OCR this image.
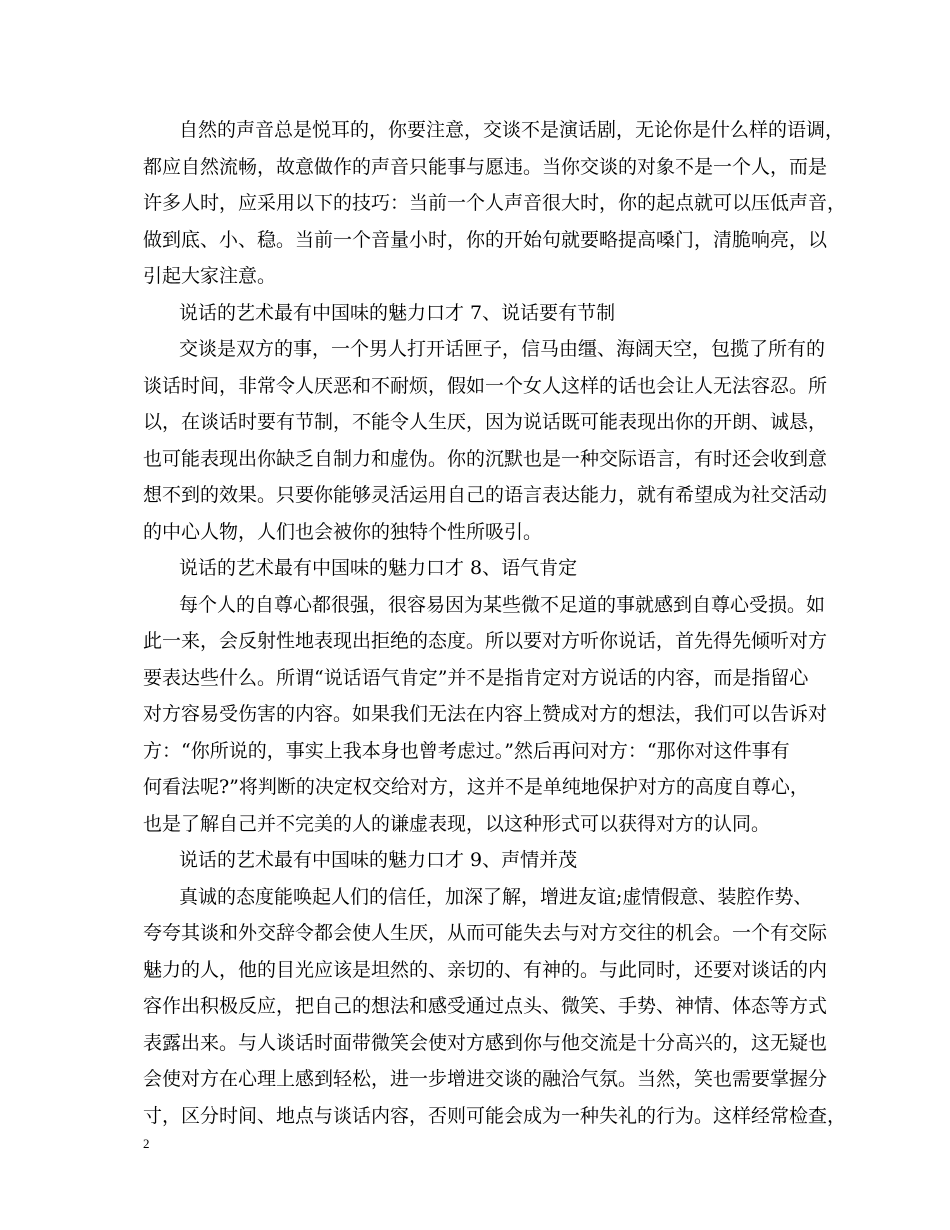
自然的声音总是悦耳的，你要注意，交谈不是演话剧，无论你是什么样的语调，
都应自然流畅，故意做作的声音只能事与愿违。当你交谈的对象不是一个人，而是
许多人时，应采用以下的技巧：当前一个人声音很大时，你的起点就可以压低声音，
做到底、小、稳。当前一个音量小时，你的开始句就要略提高嗓门，清脆响亮，以
引起大家注意。

说话的艺术最有中国味的魅力口才 7、说话要有节制

交谈是双方的事，一个男人打开话匣子，信马由缰、海阔天空，包揽了所有的
谈话时间，非常令人厌恶和不耐烦，假如一个女人这样的话也会让人无法容忍。所
以，在谈话时要有节制，不能令人生厌，因为说话既可能表现出你的开朗、诚恳，
也可能表现出你缺乏自制力和虚伪。你的沉默也是一种交际语言，有时还会收到意
想不到的效果。只要你能够灵活运用自己的语言表达能力，就有希望成为社交活动
的中心人物，人们也会被你的独特个性所吸引。

说话的艺术最有中国味的魅力口才 8、语气肯定

每个人的自尊心都很强，很容易因为某些微不足道的事就感到自尊心受损。如
此一来，会反射性地表现出拒绝的态度。所以要对方听你说话，首先得先倾听对方
要表达些什么。所谓“说话语气肯定”并不是指肯定对方说话的内容，而是指留心
对方容易受伤害的内容。如果我们无法在内容上赞成对方的想法，我们可以告诉对
方：“你所说的，事实上我本身也曾考虑过。”然后再问对方：“那你对这件事有
何看法呢?”将判断的决定权交给对方，这并不是单纯地保护对方的高度自尊心，
也是了解自己并不完美的人的谦虚表现，以这种形式可以获得对方的认同。

说话的艺术最有中国味的魅力口才 9、声情并茂

真诚的态度能唤起人们的信任，加深了解，增进友谊;虚情假意、装腔作势、
夸夸其谈和外交辞令都会使人生厌，从而可能失去与对方交往的机会。一个有交际
魅力的人，他的目光应该是坦然的、亲切的、有神的。与此同时，还要对谈话的内
容作出积极反应，把自己的想法和感受通过点头、微笑、手势、神情、体态等方式
表露出来。与人谈话时面带微笑会使对方感到你与他交流是十分高兴的，这无疑也
会使对方在心理上感到轻松，进一步增进交谈的融洽气氛。当然，笑也需要掌握分
寸，区分时间、地点与谈话内容，否则可能会成为一种失礼的行为。这样经常检查，

2
